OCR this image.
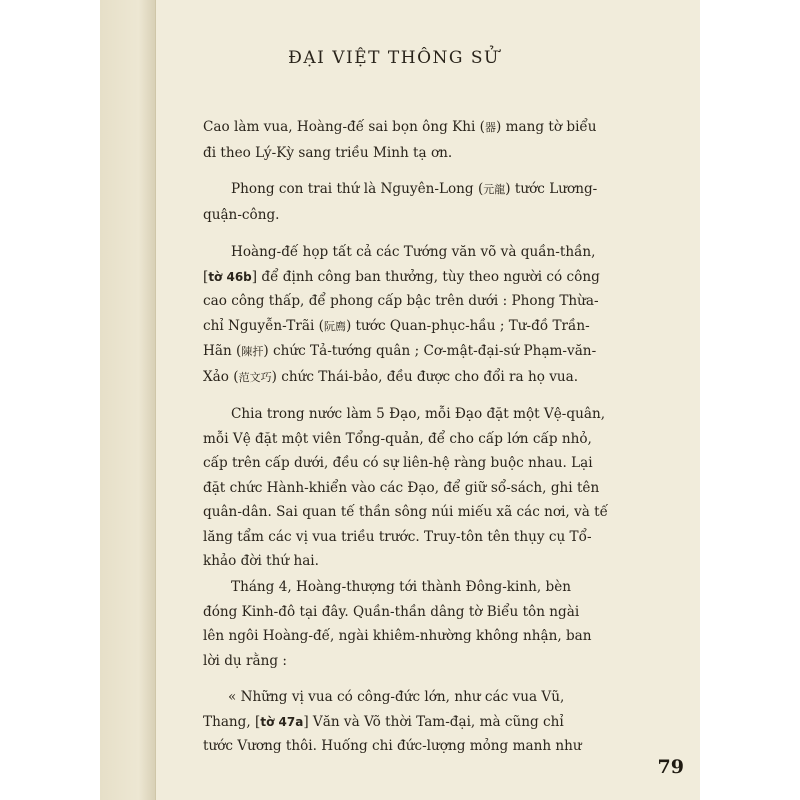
ĐẠI VIỆT THÔNG SỬ
Cao làm vua, Hoàng-đế sai bọn ông Khi (器) mang tờ biểu
đi theo Lý-Kỳ sang triều Minh tạ ơn.
Phong con trai thứ là Nguyên-Long (元龍) tước Lương-
quận-công.
Hoàng-đế họp tất cả các Tướng văn võ và quần-thần,
[tờ 46b] để định công ban thưởng, tùy theo người có công
cao công thấp, để phong cấp bậc trên dưới : Phong Thừa-
chỉ Nguyễn-Trãi (阮廌) tước Quan-phục-hầu ; Tư-đồ Trần-
Hãn (陳扞) chức Tả-tướng quân ; Cơ-mật-đại-sứ Phạm-văn-
Xảo (范文巧) chức Thái-bảo, đều được cho đổi ra họ vua.
Chia trong nước làm 5 Đạo, mỗi Đạo đặt một Vệ-quân,
mỗi Vệ đặt một viên Tổng-quản, để cho cấp lớn cấp nhỏ,
cấp trên cấp dưới, đều có sự liên-hệ ràng buộc nhau. Lại
đặt chức Hành-khiển vào các Đạo, để giữ sổ-sách, ghi tên
quân-dân. Sai quan tế thần sông núi miếu xã các nơi, và tế
lăng tẩm các vị vua triều trước. Truy-tôn tên thụy cụ Tổ-
khảo đời thứ hai.
Tháng 4, Hoàng-thượng tới thành Đông-kinh, bèn
đóng Kinh-đô tại đây. Quần-thần dâng tờ Biểu tôn ngài
lên ngôi Hoàng-đế, ngài khiêm-nhường không nhận, ban
lời dụ rằng :
« Những vị vua có công-đức lớn, như các vua Vũ,
Thang, [tờ 47a] Văn và Võ thời Tam-đại, mà cũng chỉ
tước Vương thôi. Huống chi đức-lượng mỏng manh như
79
